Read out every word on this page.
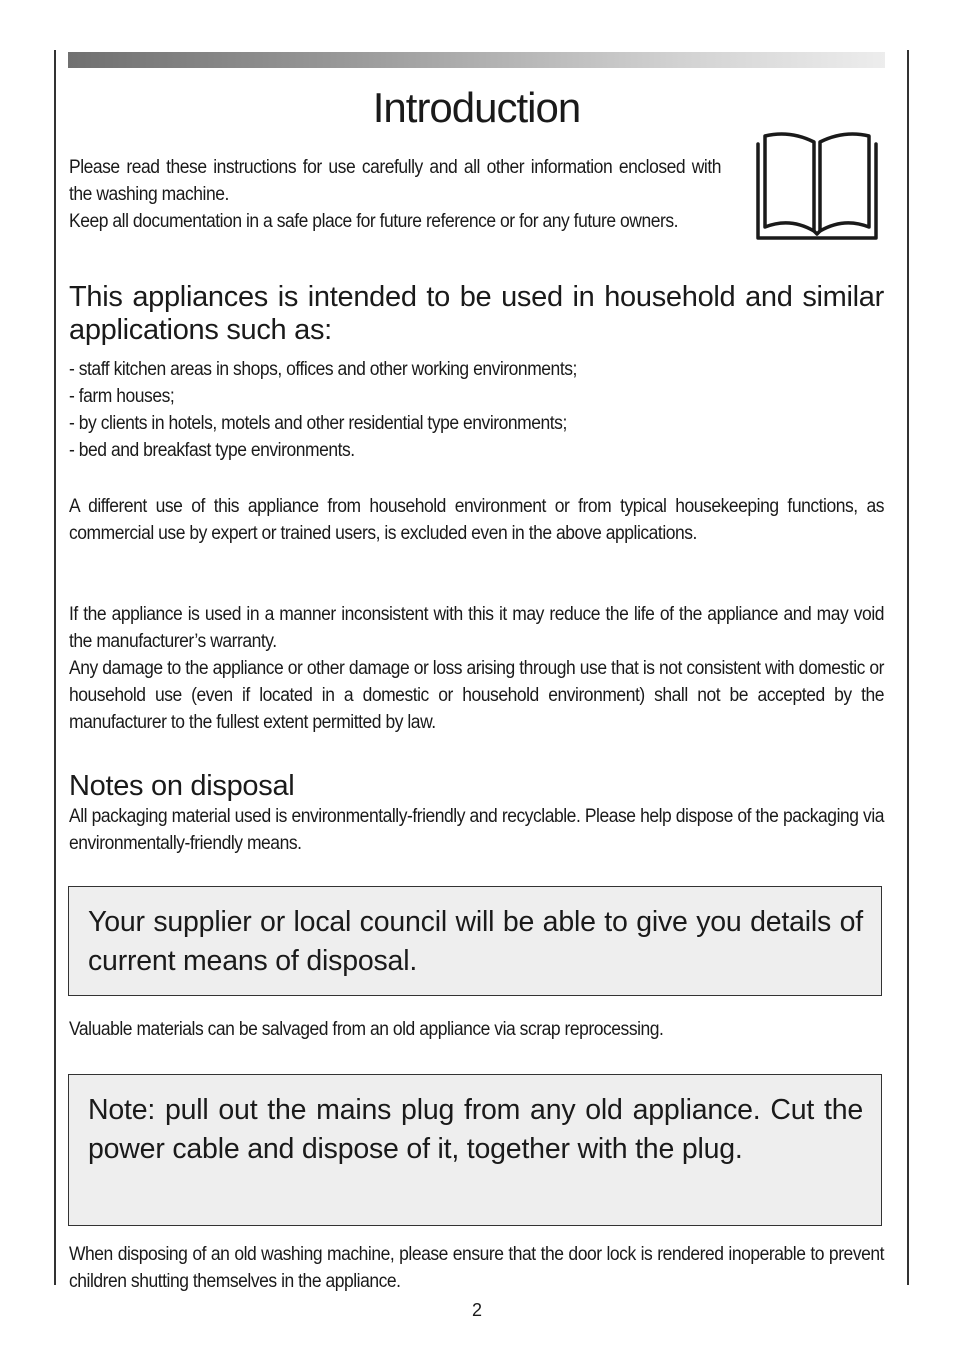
Introduction

Please read these instructions for use carefully and all other information enclosed with the washing machine.

Keep all documentation in a safe place for future reference or for any future owners.

This appliances is intended to be used in household and similar applications such as:
- staff kitchen areas in shops, offices and other working environments;
- farm houses;
- by clients in hotels, motels and other residential type environments;
- bed and breakfast type environments.

A different use of this appliance from household environment or from typical housekeeping functions, as commercial use by expert or trained users, is excluded even in the above applications.

If the appliance is used in a manner inconsistent with this it may reduce the life of the appliance and may void the manufacturer’s warranty.

Any damage to the appliance or other damage or loss arising through use that is not consistent with domestic or household use (even if located in a domestic or household environment) shall not be accepted by the manufacturer to the fullest extent permitted by law.

Notes on disposal

All packaging material used is environmentally-friendly and recyclable. Please help dispose of the packaging via environmentally-friendly means.

Your supplier or local council will be able to give you details of current means of disposal.

Valuable materials can be salvaged from an old appliance via scrap reprocessing.

Note: pull out the mains plug from any old appliance. Cut the power cable and dispose of it, together with the plug.

When disposing of an old washing machine, please ensure that the door lock is rendered inoperable to prevent children shutting themselves in the appliance.

2
